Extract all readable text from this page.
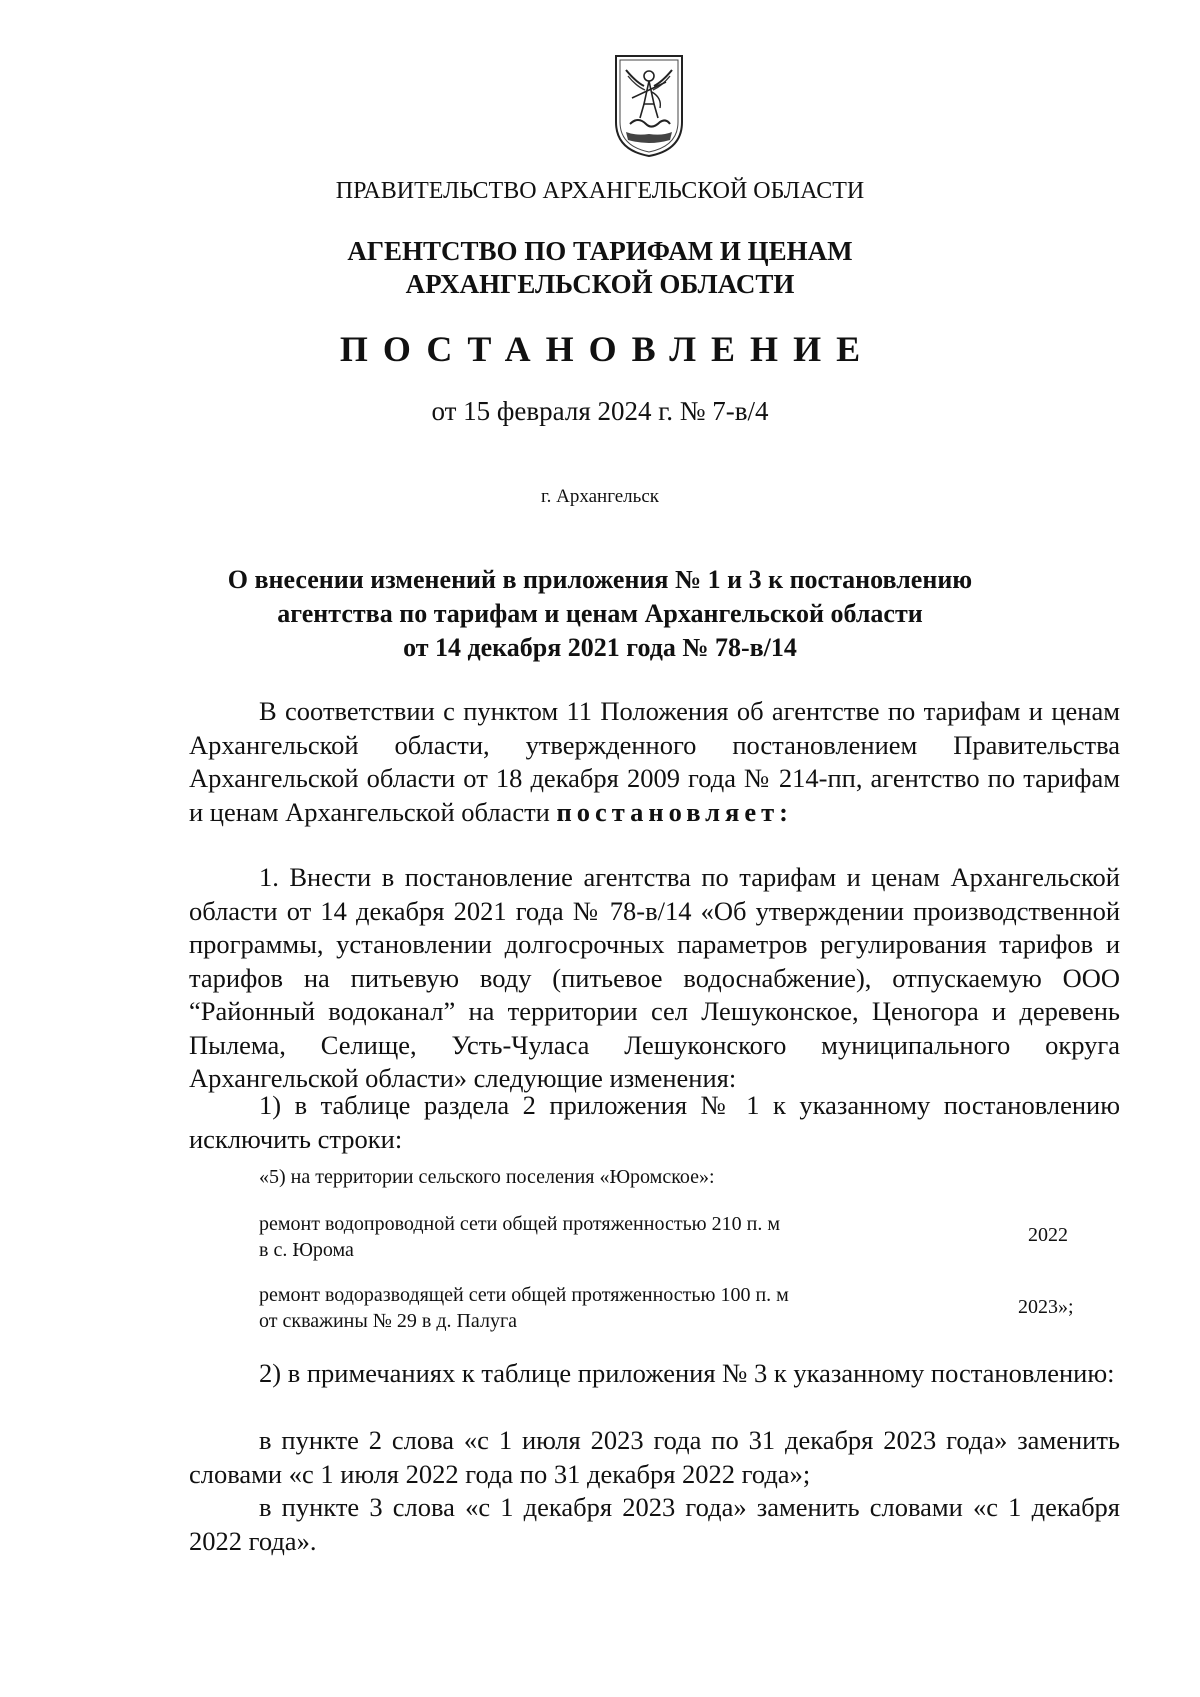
ПРАВИТЕЛЬСТВО АРХАНГЕЛЬСКОЙ ОБЛАСТИ
АГЕНТСТВО ПО ТАРИФАМ И ЦЕНАМ
АРХАНГЕЛЬСКОЙ ОБЛАСТИ
ПОСТАНОВЛЕНИЕ
от 15 февраля 2024 г. № 7-в/4
г. Архангельск
О внесении изменений в приложения № 1 и 3 к постановлению
агентства по тарифам и ценам Архангельской области
от 14 декабря 2021 года № 78-в/14
В соответствии с пунктом 11 Положения об агентстве по тарифам и ценам Архангельской области, утвержденного постановлением Правительства Архангельской области от 18 декабря 2009 года № 214-пп, агентство по тарифам и ценам Архангельской области постановляет:
1. Внести в постановление агентства по тарифам и ценам Архангельской области от 14 декабря 2021 года № 78-в/14 «Об утверждении производственной программы, установлении долгосрочных параметров регулирования тарифов и тарифов на питьевую воду (питьевое водоснабжение), отпускаемую ООО “Районный водоканал” на территории сел Лешуконское, Ценогора и деревень Пылема, Селище, Усть-Чуласа Лешуконского муниципального округа Архангельской области» следующие изменения:
1) в таблице раздела 2 приложения № 1 к указанному постановлению исключить строки:
«5) на территории сельского поселения «Юромское»:
ремонт водопроводной сети общей протяженностью 210 п. м
в с. Юрома
2022
ремонт водоразводящей сети общей протяженностью 100 п. м
от скважины № 29 в д. Палуга
2023»;
2) в примечаниях к таблице приложения № 3 к указанному постановлению:
в пункте 2 слова «с 1 июля 2023 года по 31 декабря 2023 года» заменить словами «с 1 июля 2022 года по 31 декабря 2022 года»;
в пункте 3 слова «с 1 декабря 2023 года» заменить словами «с 1 декабря 2022 года».
